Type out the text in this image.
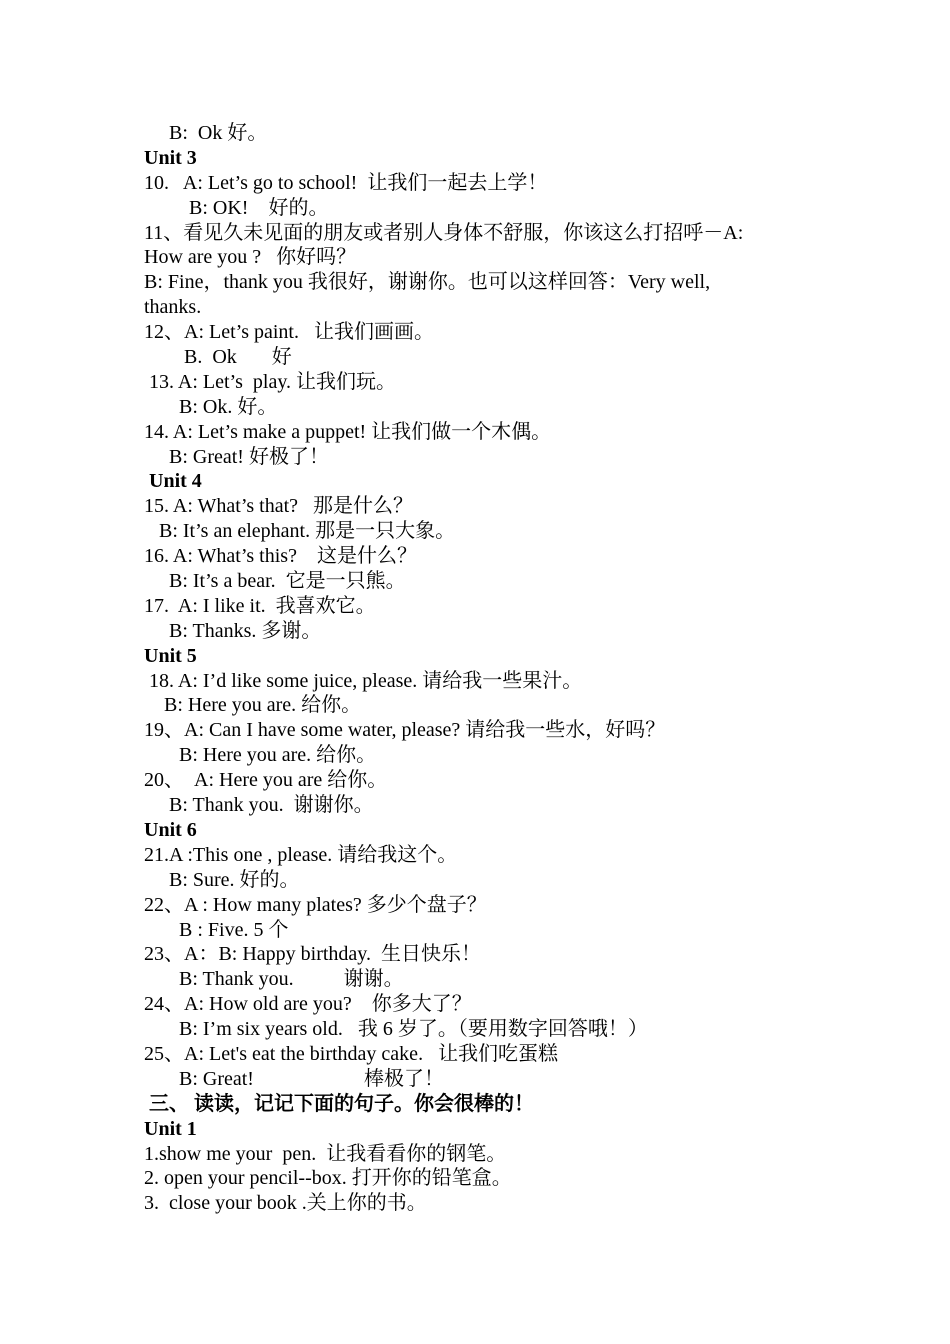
B:  Ok 好。
Unit 3
10.   A: Let’s go to school!  让我们一起去上学！
B: OK!    好的。
11、看见久未见面的朋友或者别人身体不舒服，你该这么打招呼－A:
How are you ?   你好吗？
B: Fine，thank you 我很好，谢谢你。也可以这样回答：Very well,
thanks.
12、A: Let’s paint.   让我们画画。
B.  Ok       好
13. A: Let’s  play. 让我们玩。
B: Ok. 好。
14. A: Let’s make a puppet! 让我们做一个木偶。
B: Great! 好极了！
Unit 4
15. A: What’s that?   那是什么？
B: It’s an elephant. 那是一只大象。
16. A: What’s this?    这是什么？
B: It’s a bear.  它是一只熊。
17.  A: I like it.  我喜欢它。
B: Thanks. 多谢。
Unit 5
18. A: I’d like some juice, please. 请给我一些果汁。
B: Here you are. 给你。
19、A: Can I have some water, please? 请给我一些水，好吗？
B: Here you are. 给你。
20、  A: Here you are 给你。
B: Thank you.  谢谢你。
Unit 6
21.A :This one , please. 请给我这个。
B: Sure. 好的。
22、A : How many plates? 多少个盘子？
B : Five. 5 个
23、A：B: Happy birthday.  生日快乐！
B: Thank you.          谢谢。
24、A: How old are you?    你多大了？
B: I’m six years old.   我 6 岁了。（要用数字回答哦！）
25、A: Let's eat the birthday cake.   让我们吃蛋糕
B: Great!                      棒极了！
三、 读读，记记下面的句子。你会很棒的！
Unit 1
1.show me your  pen.  让我看看你的钢笔。
2. open your pencil--box. 打开你的铅笔盒。
3.  close your book .关上你的书。
